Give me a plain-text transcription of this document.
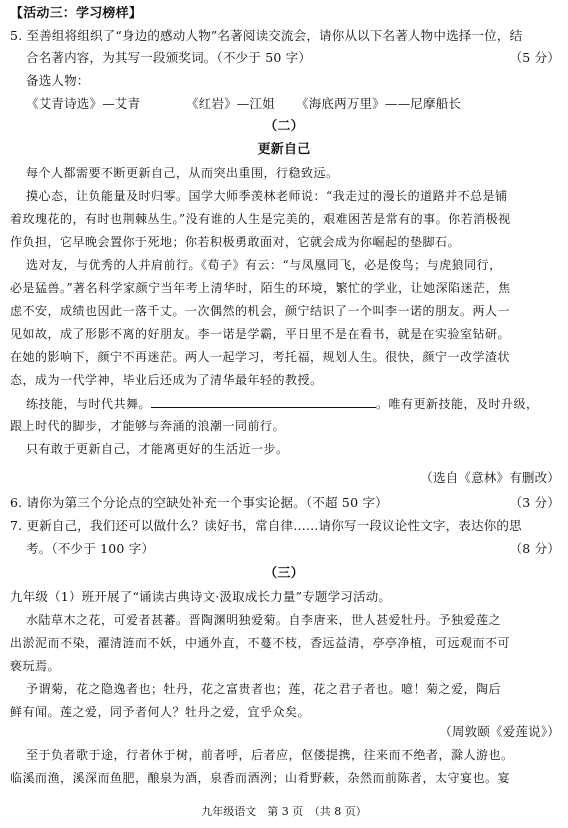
【活动三：学习榜样】
5. 至善组将组织了“身边的感动人物”名著阅读交流会，请你从以下名著人物中选择一位，结
合名著内容，为其写一段颁奖词。（不少于 50 字）	（5 分）
备选人物：
《艾青诗选》—艾青	《红岩》—江姐	《海底两万里》——尼摩船长
（二）
更新自己
每个人都需要不断更新自己，从而突出重围，行稳致远。
摸心态，让负能量及时归零。国学大师季羡林老师说：“我走过的漫长的道路并不总是铺
着玫瑰花的，有时也荆棘丛生。”没有谁的人生是完美的，艰难困苦是常有的事。你若消极视
作负担，它早晚会置你于死地；你若积极勇敢面对，它就会成为你崛起的垫脚石。
选对友，与优秀的人并肩前行。《荀子》有云：“与凤凰同飞，必是俊鸟；与虎狼同行，
必是猛兽。”著名科学家颜宁当年考上清华时，陌生的环境，繁忙的学业，让她深陷迷茫，焦
虑不安，成绩也因此一落千丈。一次偶然的机会，颜宁结识了一个叫李一诺的朋友。两人一
见如故，成了形影不离的好朋友。李一诺是学霸，平日里不是在看书，就是在实验室钻研。
在她的影响下，颜宁不再迷茫。两人一起学习，考托福，规划人生。很快，颜宁一改学渣状
态，成为一代学神，毕业后还成为了清华最年轻的教授。
练技能，与时代共舞。	。唯有更新技能，及时升级，
跟上时代的脚步，才能够与奔涌的浪潮一同前行。
只有敢于更新自己，才能离更好的生活近一步。
（选自《意林》有删改）
6. 请你为第三个分论点的空缺处补充一个事实论据。（不超 50 字）	（3 分）
7. 更新自己，我们还可以做什么？读好书，常自律……请你写一段议论性文字，表达你的思
考。（不少于 100 字）	（8 分）
（三）
九年级（1）班开展了“诵读古典诗文·汲取成长力量”专题学习活动。
水陆草木之花，可爱者甚蕃。晋陶渊明独爱菊。自李唐来，世人甚爱牡丹。予独爱莲之
出淤泥而不染，濯清涟而不妖，中通外直，不蔓不枝，香远益清，亭亭净植，可远观而不可
亵玩焉。
予谓菊，花之隐逸者也；牡丹，花之富贵者也；莲，花之君子者也。噫！菊之爱，陶后
鲜有闻。莲之爱，同予者何人？牡丹之爱，宜乎众矣。
（周敦颐《爱莲说》）
至于负者歌于途，行者休于树，前者呼，后者应，伛偻提携，往来而不绝者，滁人游也。
临溪而渔，溪深而鱼肥，酿泉为酒，泉香而酒洌；山肴野蔌，杂然而前陈者，太守宴也。宴
九年级语文　第 3 页　（共 8 页）
